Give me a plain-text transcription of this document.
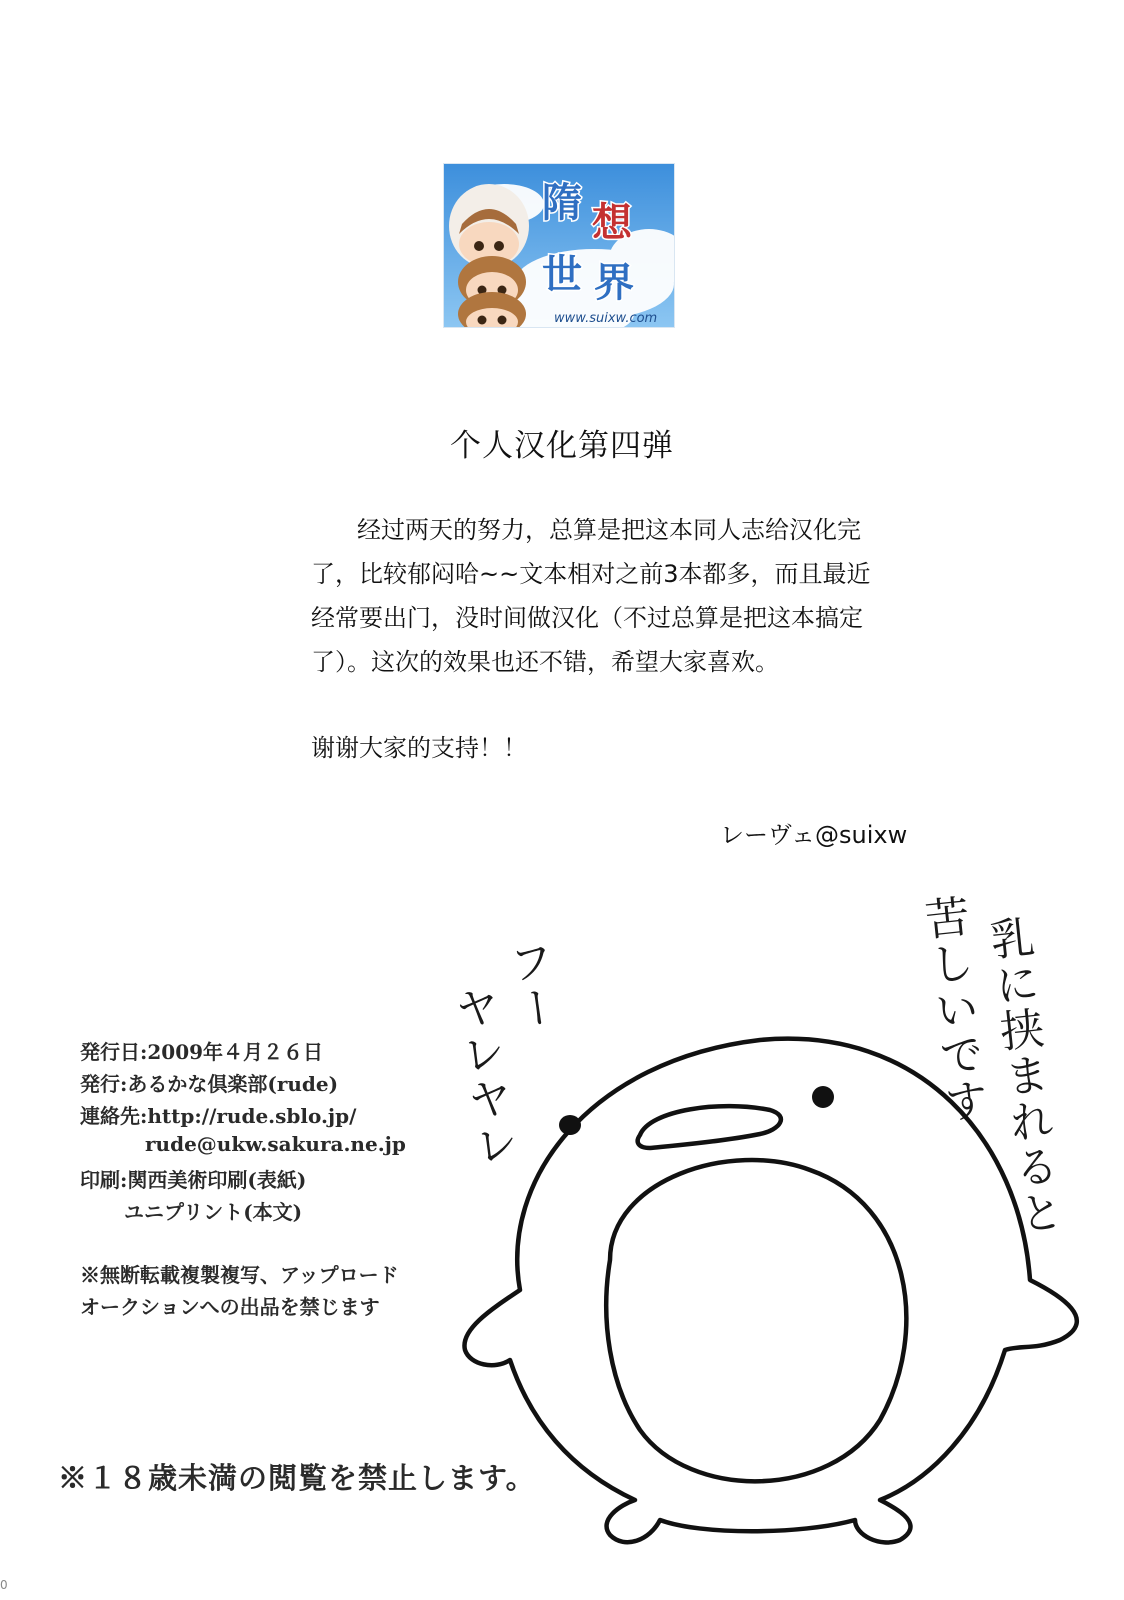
隋 想
世 界
www.suixw.com
个人汉化第四弹
经过两天的努力，总算是把这本同人志给汉化完了，比较郁闷哈~~文本相对之前3本都多，而且最近经常要出门，没时间做汉化（不过总算是把这本搞定了）。这次的效果也还不错，希望大家喜欢。
谢谢大家的支持！！
レーヴェ@suixw
発行日:2009年４月２６日
発行:あるかな倶楽部(rude)
連絡先:http://rude.sblo.jp/
rude@ukw.sakura.ne.jp
印刷:関西美術印刷(表紙)
ユニプリント(本文)
※無断転載複製複写、アップロード
オークションへの出品を禁じます
※１８歳未満の閲覧を禁止します。
乳に挟まれると
苦しいです
ヤレヤレ
フー
0
